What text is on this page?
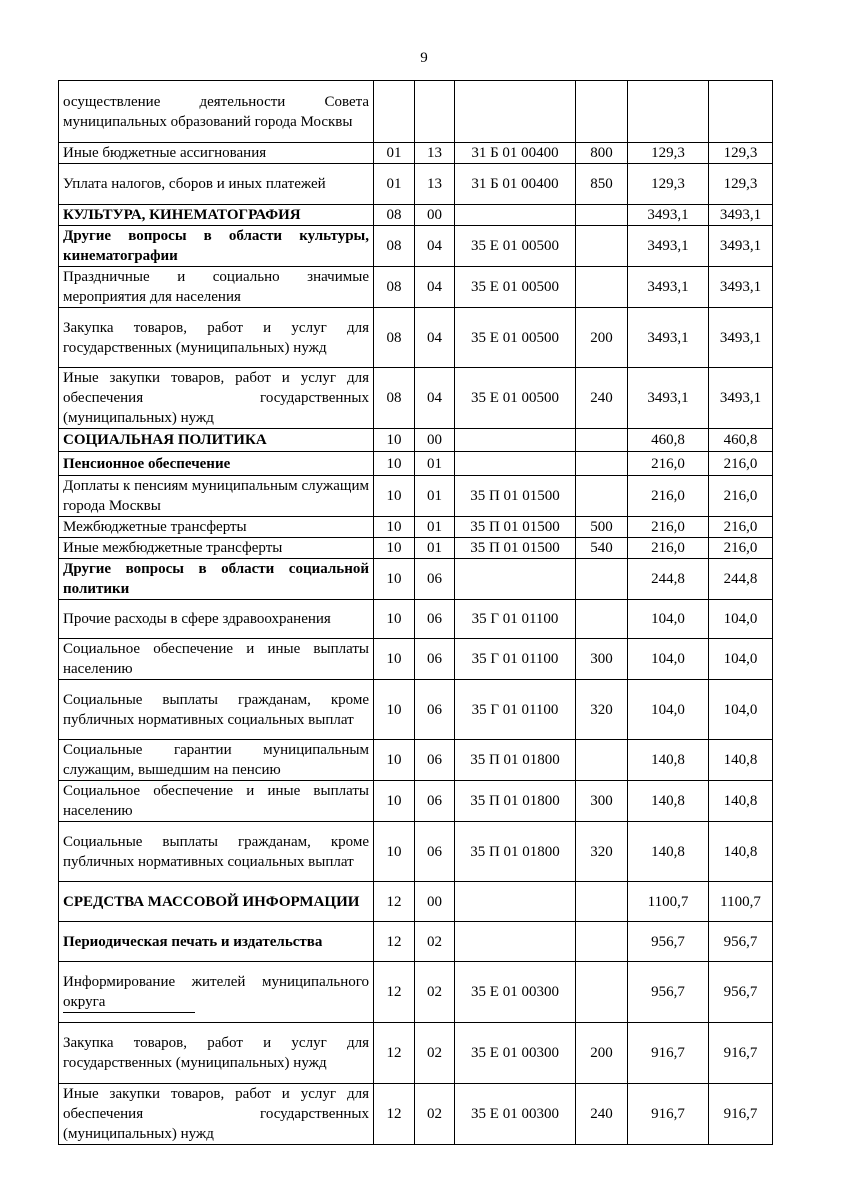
9
осуществление деятельности Совета муниципальных образований города Москвы						
Иные бюджетные ассигнования	01	13	31 Б 01 00400	800	129,3	129,3
Уплата налогов, сборов и иных платежей	01	13	31 Б 01 00400	850	129,3	129,3
КУЛЬТУРА, КИНЕМАТОГРАФИЯ	08	00			3493,1	3493,1
Другие вопросы в области культуры, кинематографии	08	04	35 Е 01 00500		3493,1	3493,1
Праздничные и социально значимые мероприятия для населения	08	04	35 Е 01 00500		3493,1	3493,1
Закупка товаров, работ и услуг для государственных (муниципальных) нужд	08	04	35 Е 01 00500	200	3493,1	3493,1
Иные закупки товаров, работ и услуг для обеспечения государственных (муниципальных) нужд	08	04	35 Е 01 00500	240	3493,1	3493,1
СОЦИАЛЬНАЯ ПОЛИТИКА	10	00			460,8	460,8
Пенсионное обеспечение	10	01			216,0	216,0
Доплаты к пенсиям муниципальным служащим города Москвы	10	01	35 П 01 01500		216,0	216,0
Межбюджетные трансферты	10	01	35 П 01 01500	500	216,0	216,0
Иные межбюджетные трансферты	10	01	35 П 01 01500	540	216,0	216,0
Другие вопросы в области социальной политики	10	06			244,8	244,8
Прочие расходы в сфере здравоохранения	10	06	35 Г 01 01100		104,0	104,0
Социальное обеспечение и иные выплаты населению	10	06	35 Г 01 01100	300	104,0	104,0
Социальные выплаты гражданам, кроме публичных нормативных социальных выплат	10	06	35 Г 01 01100	320	104,0	104,0
Социальные гарантии муниципальным служащим, вышедшим на пенсию	10	06	35 П 01 01800		140,8	140,8
Социальное обеспечение и иные выплаты населению	10	06	35 П 01 01800	300	140,8	140,8
Социальные выплаты гражданам, кроме публичных нормативных социальных выплат	10	06	35 П 01 01800	320	140,8	140,8
СРЕДСТВА МАССОВОЙ ИНФОРМАЦИИ	12	00			1100,7	1100,7
Периодическая печать и издательства	12	02			956,7	956,7
Информирование жителей муниципального округа	12	02	35 Е 01 00300		956,7	956,7
Закупка товаров, работ и услуг для государственных (муниципальных) нужд	12	02	35 Е 01 00300	200	916,7	916,7
Иные закупки товаров, работ и услуг для обеспечения государственных (муниципальных) нужд	12	02	35 Е 01 00300	240	916,7	916,7
